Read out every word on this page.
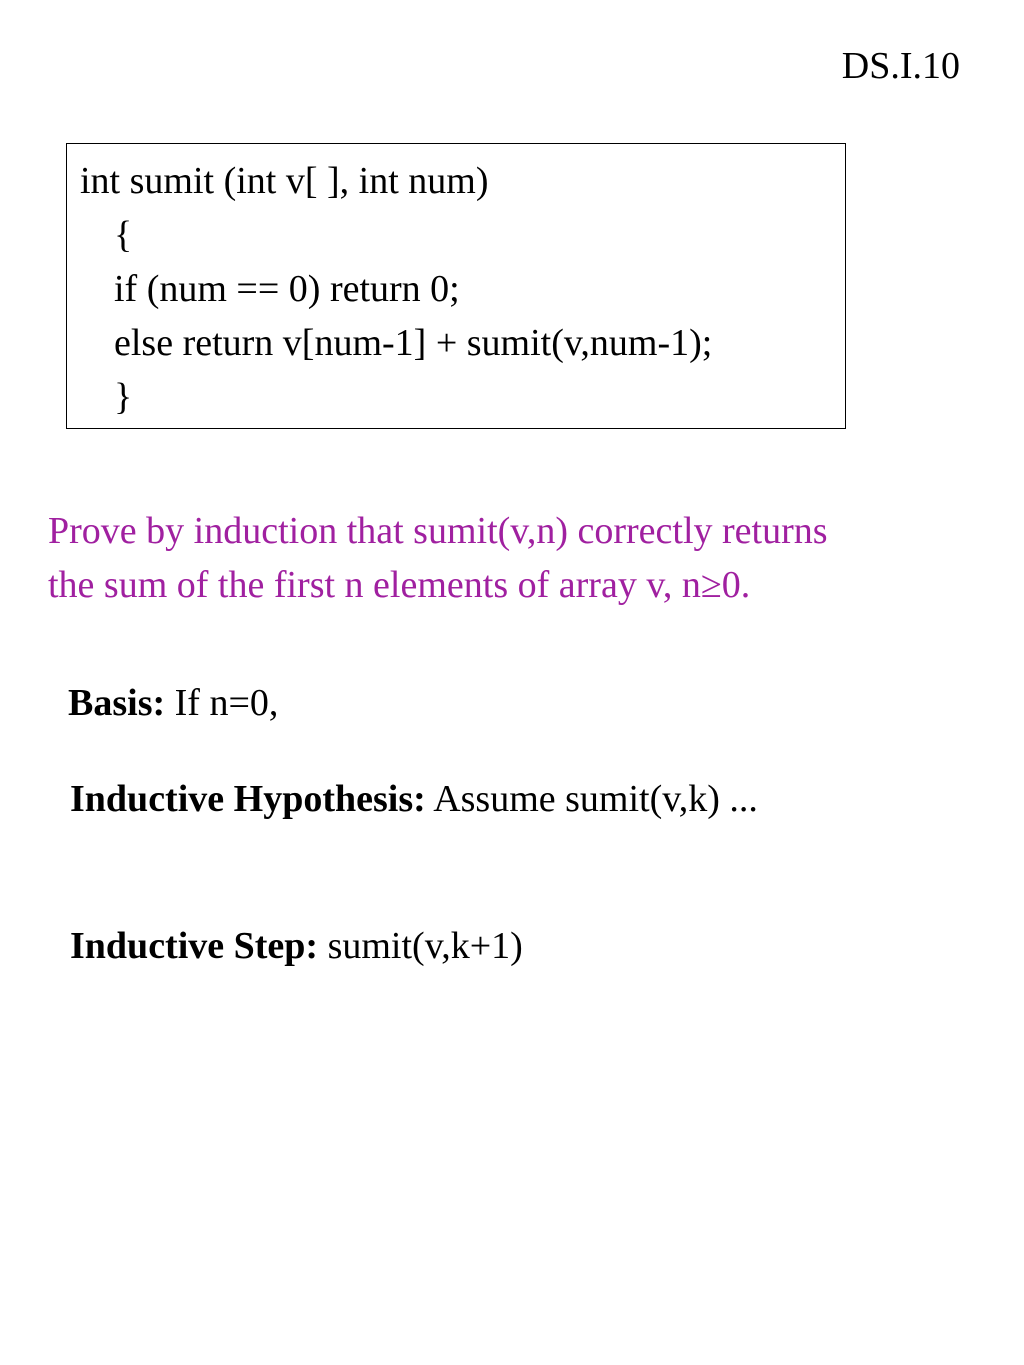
DS.I.10
int sumit (int v[ ], int num)
{
if (num == 0) return 0;
else return v[num-1] + sumit(v,num-1);
}
Prove by induction that sumit(v,n) correctly returns
the sum of the first n elements of array v, n≥0.
Basis: If n=0,
Inductive Hypothesis: Assume sumit(v,k) ...
Inductive Step: sumit(v,k+1)
